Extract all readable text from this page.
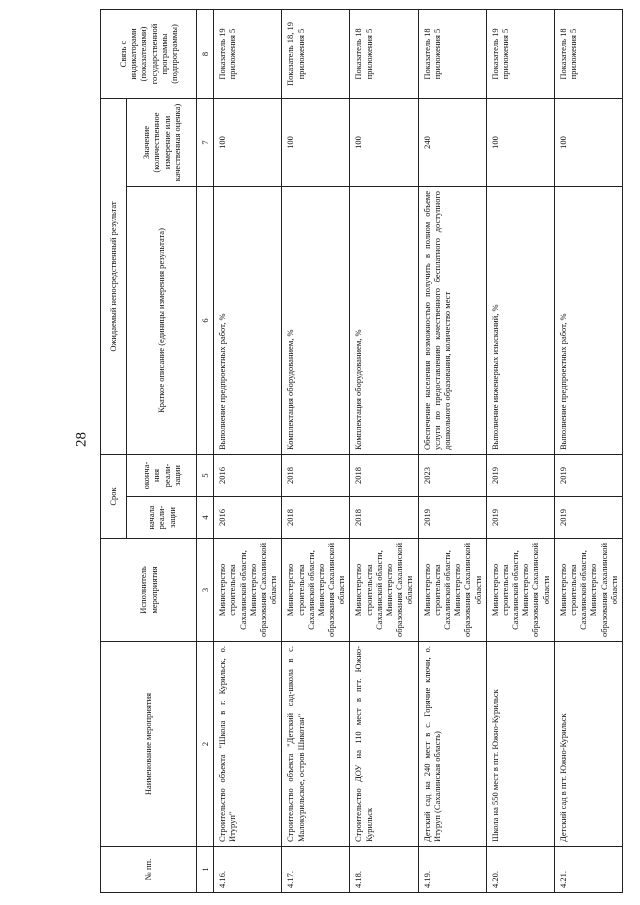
28
№ пп.	Наименование мероприятия	Исполнитель мероприятия	Срок		Ожидаемый непосредственный результат		Связь с индикаторами (показателями) государственной программы (подпрограммы)
			начала реали-зации	оконча-ния реали-зации	Краткое описание (единицы измерения результата)	Значение (количественное измерение или качественная оценка)	
1	2	3	4	5	6	7	8
4.16.	Строительство объекта "Школа в г. Курильск, о. Итуруп"	Министерство строительства Сахалинской области, Министерство образования Сахалинской области	2016	2016	Выполнение предпроектных работ, %	100	Показатель 19 приложения 5
4.17.	Строительство объекта "Детский сад-школа в с. Малокурильское, остров Шикотан"	Министерство строительства Сахалинской области, Министерство образования Сахалинской области	2018	2018	Комплектация оборудованием, %	100	Показатель 18, 19 приложения 5
4.18.	Строительство ДОУ на 110 мест в пгт. Южно-Курильск	Министерство строительства Сахалинской области, Министерство образования Сахалинской области	2018	2018	Комплектация оборудованием, %	100	Показатель 18 приложения 5
4.19.	Детский сад на 240 мест в с. Горячие ключи, о. Итуруп (Сахалинская область)	Министерство строительства Сахалинской области, Министерство образования Сахалинской области	2019	2023	Обеспечение населения возможностью получить в полном объеме услуги по предоставлению качественного бесплатного доступного дошкольного образования, количество мест	240	Показатель 18 приложения 5
4.20.	Школа на 550 мест в пгт. Южно-Курильск	Министерство строительства Сахалинской области, Министерство образования Сахалинской области	2019	2019	Выполнение инженерных изысканий, %	100	Показатель 19 приложения 5
4.21.	Детский сад в пгт. Южно-Курильск	Министерство строительства Сахалинской области, Министерство образования Сахалинской области	2019	2019	Выполнение предпроектных работ, %	100	Показатель 18 приложения 5
